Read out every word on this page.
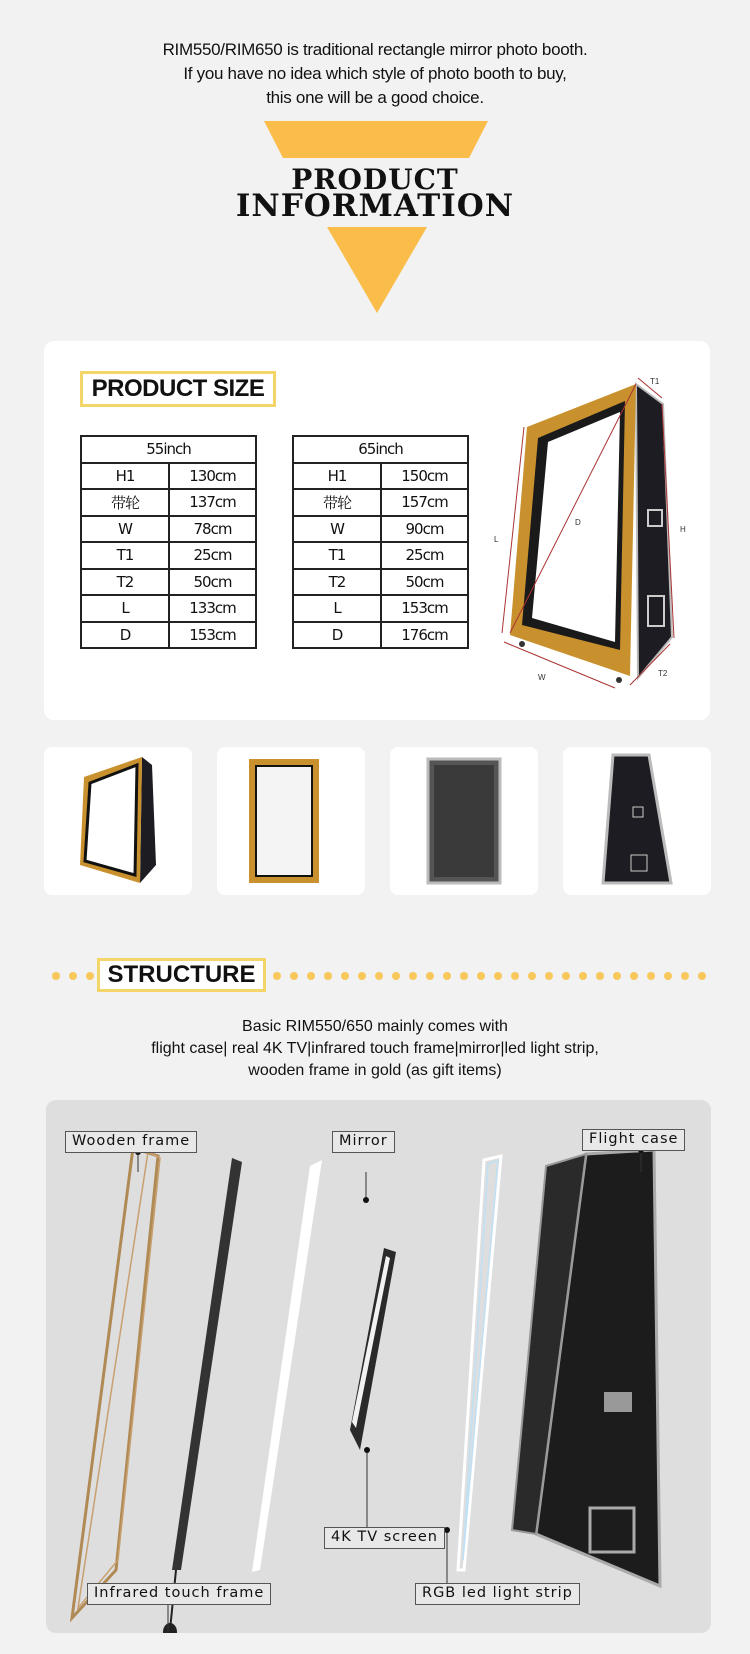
RIM550/RIM650 is traditional rectangle mirror photo booth.
If you have no idea which style of photo booth to buy,
this one will be a good choice.
PRODUCT
INFORMATION
PRODUCT SIZE
55inch	
H1	130cm
带轮	137cm
W	78cm
T1	25cm
T2	50cm
L	133cm
D	153cm
65inch	
H1	150cm
带轮	157cm
W	90cm
T1	25cm
T2	50cm
L	153cm
D	176cm
T1
H
L
D
W	T2
STRUCTURE
Basic RIM550/650 mainly comes with
flight case| real 4K TV|infrared touch frame|mirror|led light strip,
wooden frame in gold (as gift items)
Wooden frame	Mirror	Flight case
4K TV screen
Infrared touch frame	RGB led light strip
